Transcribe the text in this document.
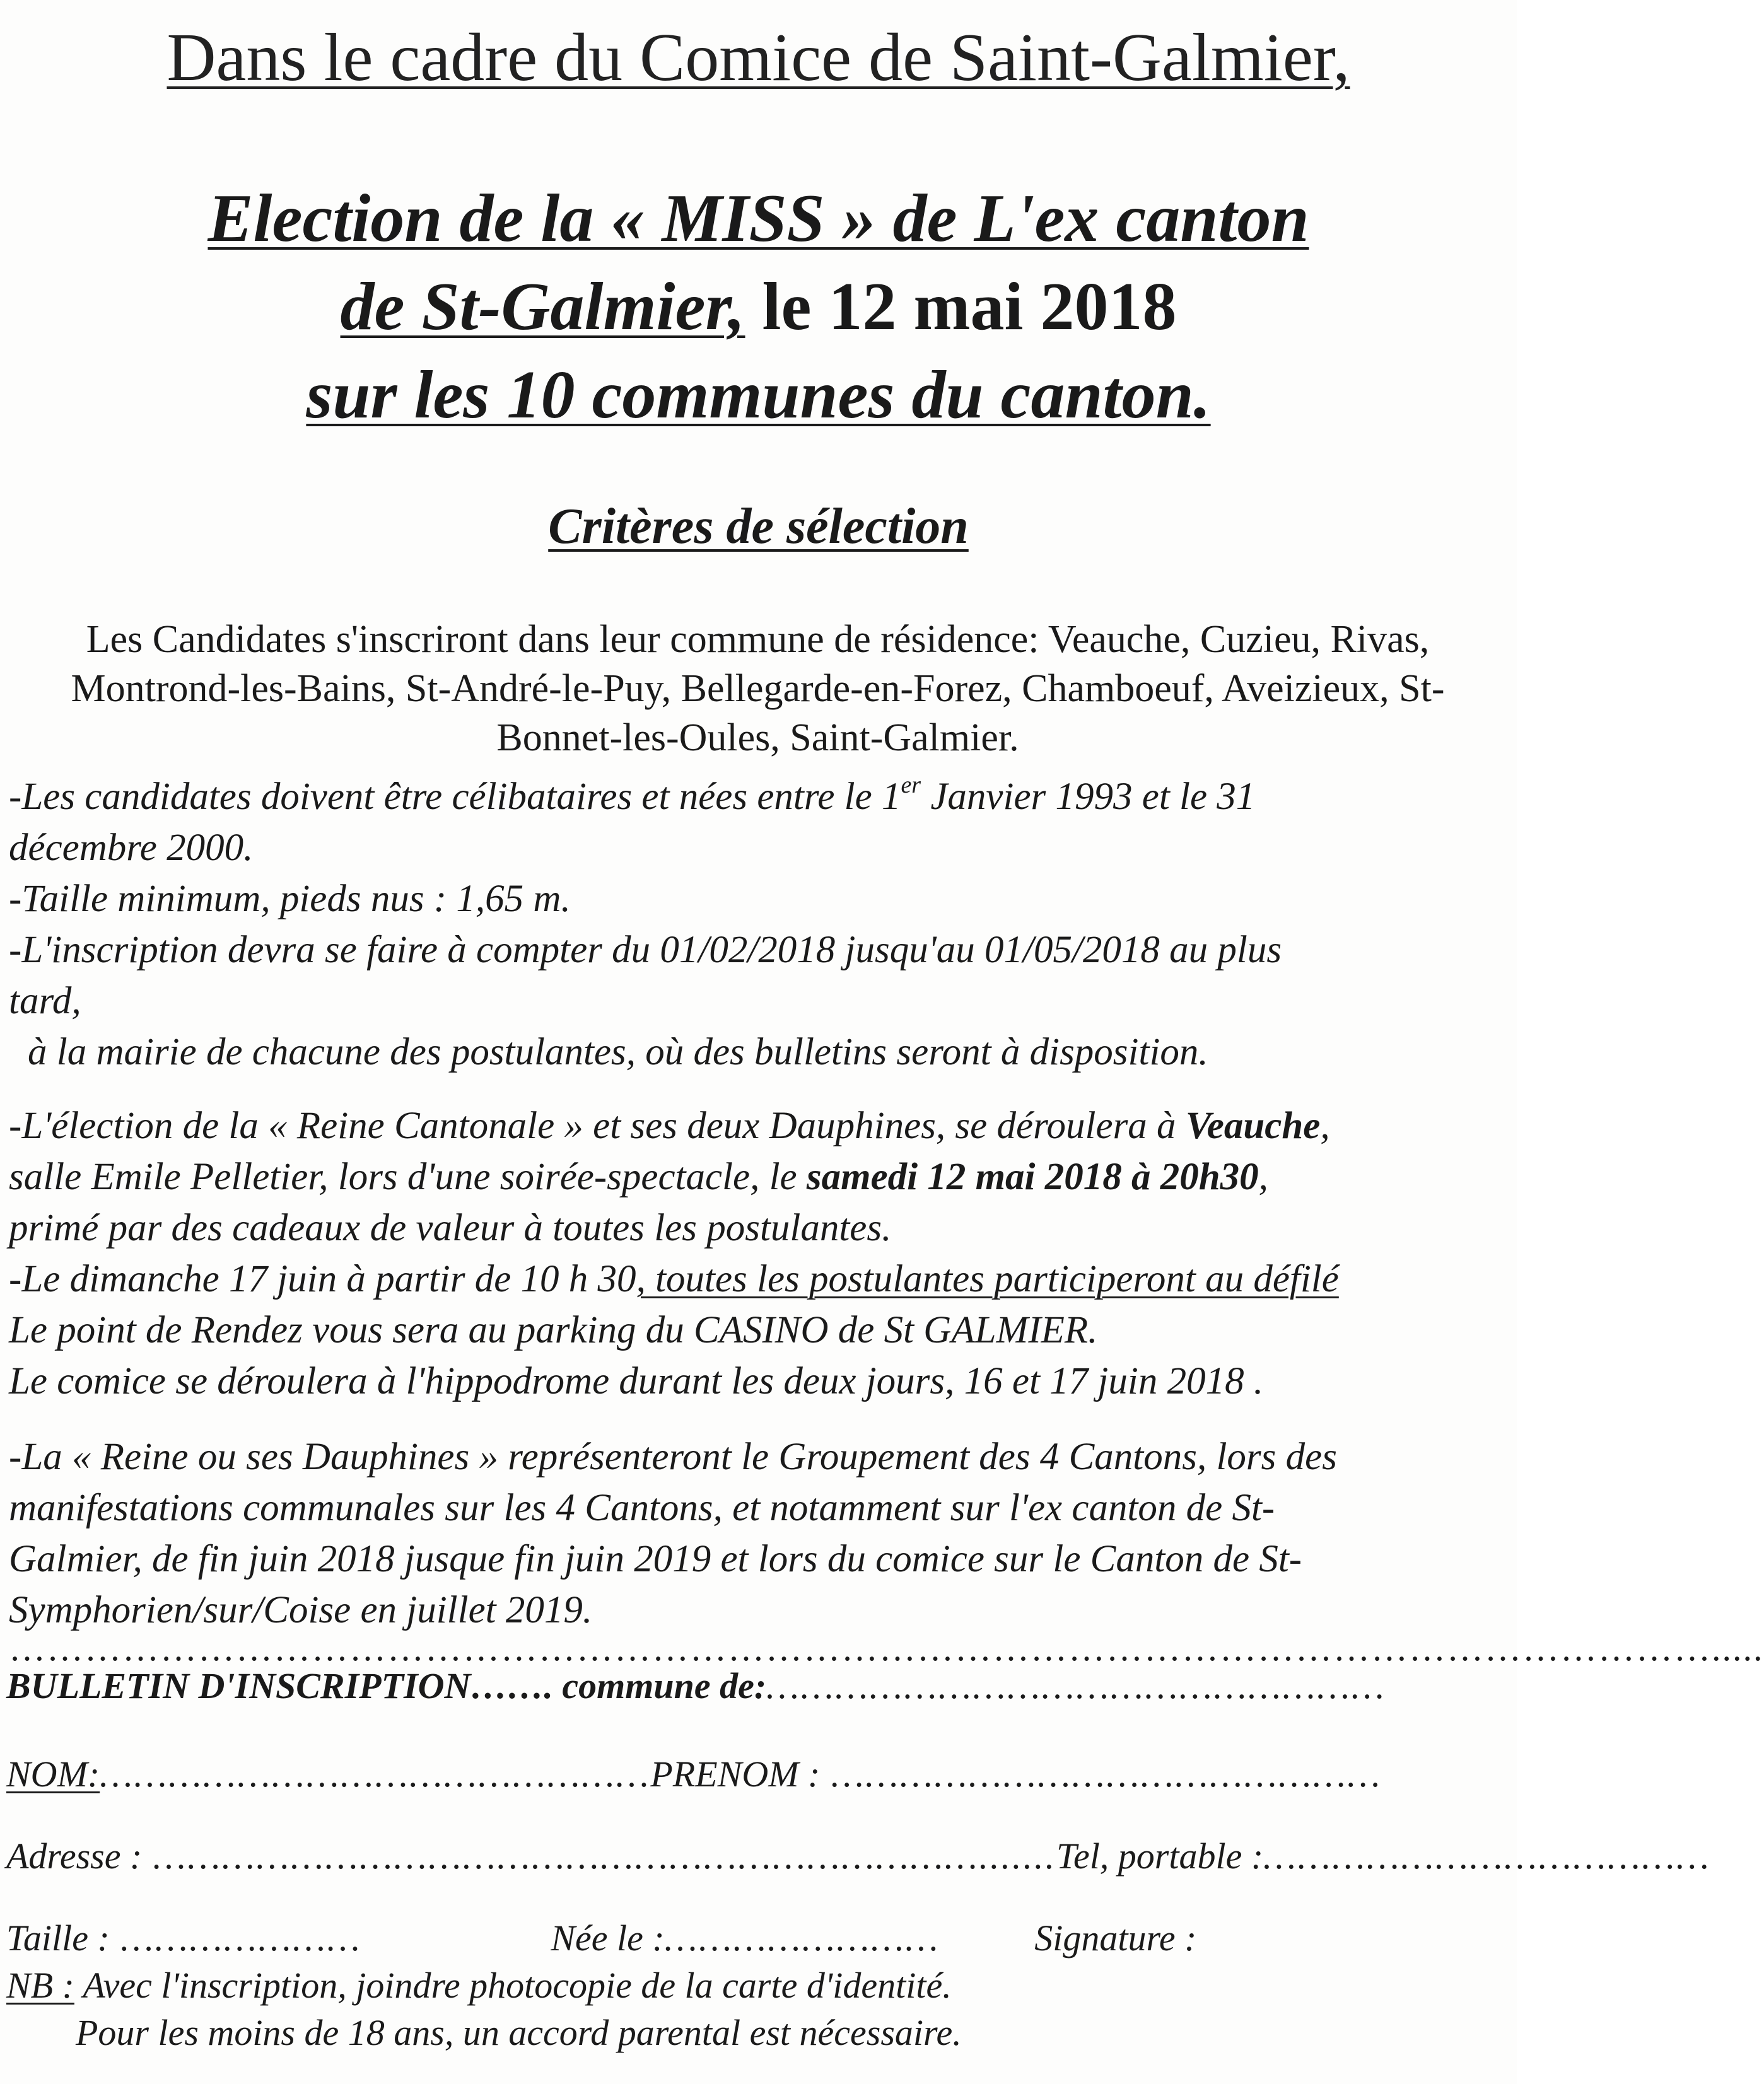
Dans le cadre du Comice de Saint-Galmier,
Election de la « MISS » de L'ex canton
de St-Galmier, le 12 mai 2018
sur les 10 communes du canton.
Critères de sélection
Les Candidates s'inscriront dans leur commune de résidence: Veauche, Cuzieu, Rivas,
Montrond-les-Bains, St-André-le-Puy, Bellegarde-en-Forez, Chamboeuf, Aveizieux, St-
Bonnet-les-Oules, Saint-Galmier.
-Les candidates doivent être célibataires et nées entre le 1er Janvier 1993 et le 31
décembre 2000.
-Taille minimum, pieds nus : 1,65 m.
-L'inscription devra se faire à compter du 01/02/2018 jusqu'au 01/05/2018 au plus
tard,
à la mairie de chacune des postulantes, où des bulletins seront à disposition.
-L'élection de la « Reine Cantonale » et ses deux Dauphines, se déroulera à Veauche,
salle Emile Pelletier, lors d'une soirée-spectacle, le samedi 12 mai 2018 à 20h30,
primé par des cadeaux de valeur à toutes les postulantes.
-Le dimanche 17 juin à partir de 10 h 30, toutes les postulantes participeront au défilé
Le point de Rendez vous sera au parking du CASINO de St GALMIER.
Le comice se déroulera à l'hippodrome durant les deux jours, 16 et 17 juin 2018 .
-La « Reine ou ses Dauphines » représenteront le Groupement des 4 Cantons, lors des
manifestations communales sur les 4 Cantons, et notamment sur l'ex canton de St-
Galmier, de fin juin 2018 jusque fin juin 2019 et lors du comice sur le Canton de St-
Symphorien/sur/Coise en juillet 2019.
……………………………………………………………………………………………………………………….....
BULLETIN D'INSCRIPTION……. commune de:………………………………………………
NOM:…………………………………………PRENOM : …………………………………………
Adresse : ……………………………………………………………….......Tel, portable :…………………………………
Taille : …………………	Née le :……………………	Signature :
NB : Avec l'inscription, joindre photocopie de la carte d'identité.
Pour les moins de 18 ans, un accord parental est nécessaire.
